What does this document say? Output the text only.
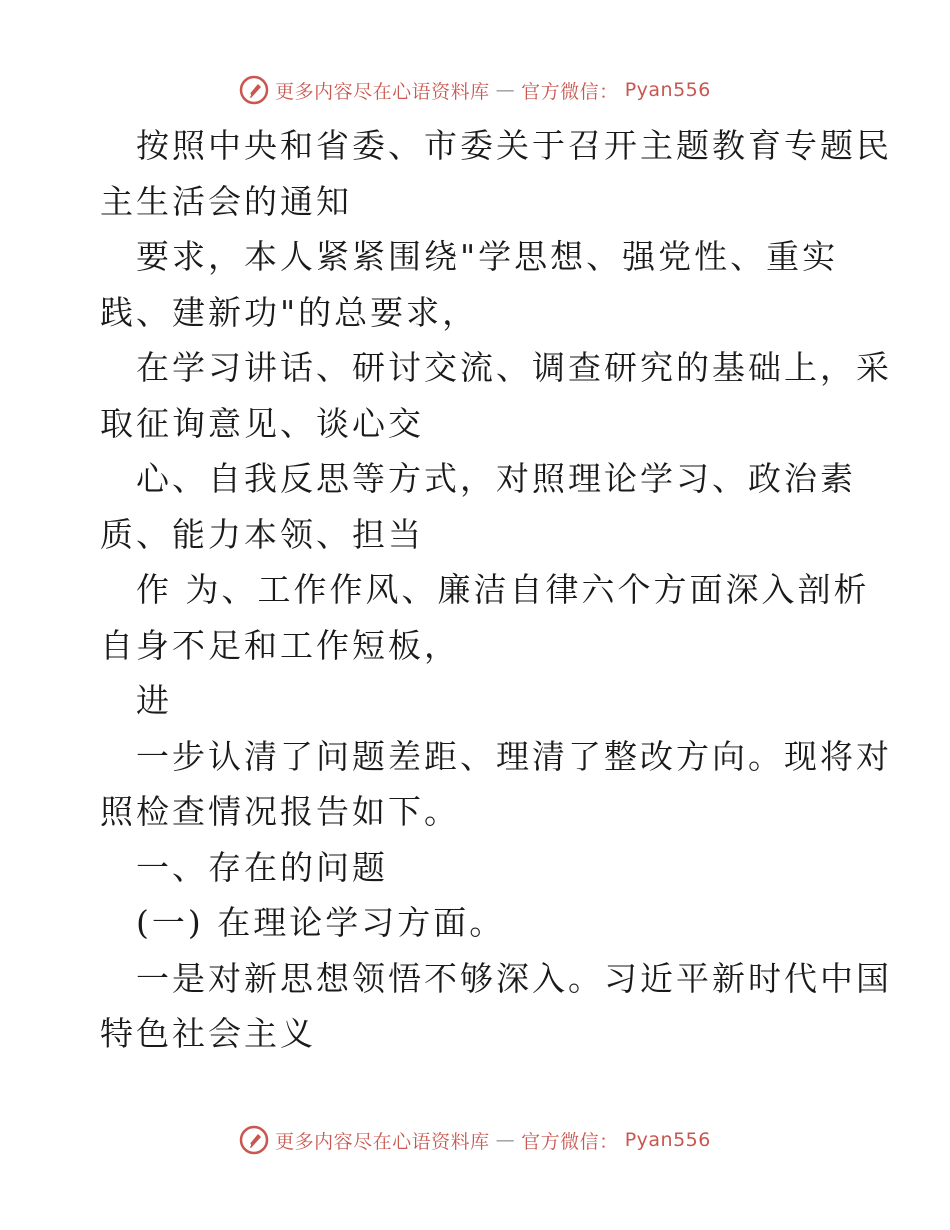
更多内容尽在心语资料库 — 官方微信： Pyan556
按照中央和省委、市委关于召开主题教育专题民
主生活会的通知
要求，本人紧紧围绕"学思想、强党性、重实
践、建新功"的总要求，
在学习讲话、研讨交流、调查研究的基础上，采
取征询意见、谈心交
心、自我反思等方式，对照理论学习、政治素
质、能力本领、担当
作 为、工作作风、廉洁自律六个方面深入剖析
自身不足和工作短板，
进
一步认清了问题差距、理清了整改方向。现将对
照检查情况报告如下。
一、存在的问题
(一) 在理论学习方面。
一是对新思想领悟不够深入。习近平新时代中国
特色社会主义
更多内容尽在心语资料库 — 官方微信： Pyan556
